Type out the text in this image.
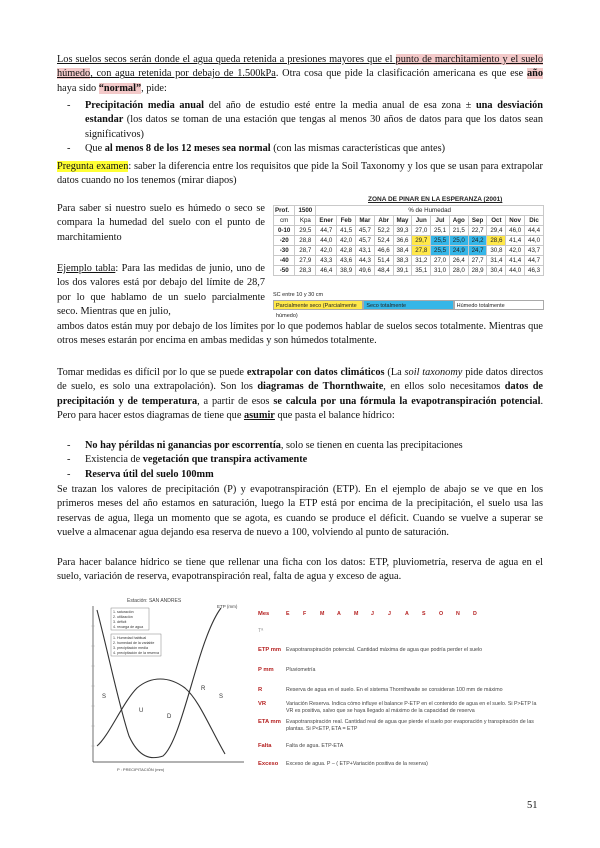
Los suelos secos serán donde el agua queda retenida a presiones mayores que el punto de marchitamiento y el suelo húmedo, con agua retenida por debajo de 1.500kPa. Otra cosa que pide la clasificación americana es que ese año haya sido “normal”, pide:
- Precipitación media anual del año de estudio esté entre la media anual de esa zona ± una desviación estandar (los datos se toman de una estación que tengas al menos 30 años de datos para que los datos sean significativos)
- Que al menos 8 de los 12 meses sea normal (con las mismas características que antes)
Pregunta examen: saber la diferencia entre los requisitos que pide la Soil Taxonomy y los que se usan para extrapolar datos cuando no los tenemos (mirar diapos)
Para saber si nuestro suelo es húmedo o seco se compara la humedad del suelo con el punto de marchitamiento
Ejemplo tabla: Para las medidas de junio, uno de los dos valores está por debajo del límite de 28,7 por lo que hablamo de un suelo parcialmente seco. Mientras que en julio,
ambos datos están muy por debajo de los límites por lo que podemos hablar de suelos secos totalmente. Mientras que otros meses estarán por encima en ambas medidas y son húmedos totalmente.
ZONA DE PINAR EN LA ESPERANZA (2001)
Prof.	1500	% de Humedad											
cm	Kpa	Ener	Feb	Mar	Abr	May	Jun	Jul	Ago	Sep	Oct	Nov	Dic
0-10	29,5	44,7	41,5	45,7	52,2	39,3	27,0	25,1	21,5	22,7	29,4	46,0	44,4
-20	28,8	44,0	42,0	45,7	52,4	36,6	29,7	25,5	25,0	24,2	28,6	41,4	44,0
-30	28,7	42,0	42,8	43,1	46,6	38,4	27,8	25,5	24,9	24,7	30,8	42,0	43,7
-40	27,9	43,3	43,6	44,3	51,4	38,3	31,2	27,0	26,4	27,7	31,4	41,4	44,7
-50	28,3	46,4	38,9	49,6	48,4	39,1	35,1	31,0	28,0	28,9	30,4	44,0	46,3
SC entre 10 y 30 cm
Parcialmente seco (Parcialmente húmedo)
Seco totalmente	Húmedo totalmente
Tomar medidas es difícil por lo que se puede extrapolar con datos climáticos (La soil taxonomy pide datos directos de suelo, es solo una extrapolación). Son los diagramas de Thornthwaite, en ellos solo necesitamos datos de precipitación y de temperatura, a partir de esos se calcula por una fórmula la evapotranspiración potencial. Pero para hacer estos diagramas de tiene que asumir que pasta el balance hídrico:
- No hay périldas ni ganancias por escorrentía, solo se tienen en cuenta las precipitaciones
- Existencia de vegetación que transpira activamente
- Reserva útil del suelo 100mm
Se trazan los valores de precipitación (P) y evapotranspiración (ETP). En el ejemplo de abajo se ve que en los primeros meses del año estamos en saturación, luego la ETP está por encima de la precipitación, el suelo usa las reservas de agua, llega un momento que se agota, es cuando se produce el déficit. Cuando se vuelve a superar se vuelve a almacenar agua dejando esa reserva de nuevo a 100, volviendo al punto de saturación.
Para hacer balance hídrico se tiene que rellenar una ficha con los datos: ETP, pluviometría, reserva de agua en el suelo, variación de reserva, evapotranspiración real, falta de agua y exceso de agua.
Estación: SAN ANDRES
ETP (mm)
1. saturación
2. utilización
3. déficit
4. recarga de agua
1. Humedad habitual
2. humedad de la variable
3. precipitación media
4. precipitación de la reserva
S
U
D
R
S
P : PRECIPITACIÓN (mm)
Mes	E	F	M A M J	J	A S	O N D
Tª
ETP mm Evapotranspiración potencial. Cantidad máxima de agua que podría perder el suelo
P mm Pluviometría
R	Reserva de agua en el suelo. En el sistema Thornthwaite se consideran 100 mm de máximo
VR	Variación Reserva. Indica cómo influye el balance P-ETP en el contenido de agua en el suelo. Si P>ETP la VR es positiva, salvo que se haya llegado al máximo de la capacidad de reserva
ETA mm Evapotranspiración real. Cantidad real de agua que pierde el suelo por evaporación y transpiración de las plantas. Si P<ETP, ETA = ETP
Falta	Falta de agua. ETP-ETA
Exceso Exceso de agua. P – ( ETP+Variación positiva de la reserva)
51
